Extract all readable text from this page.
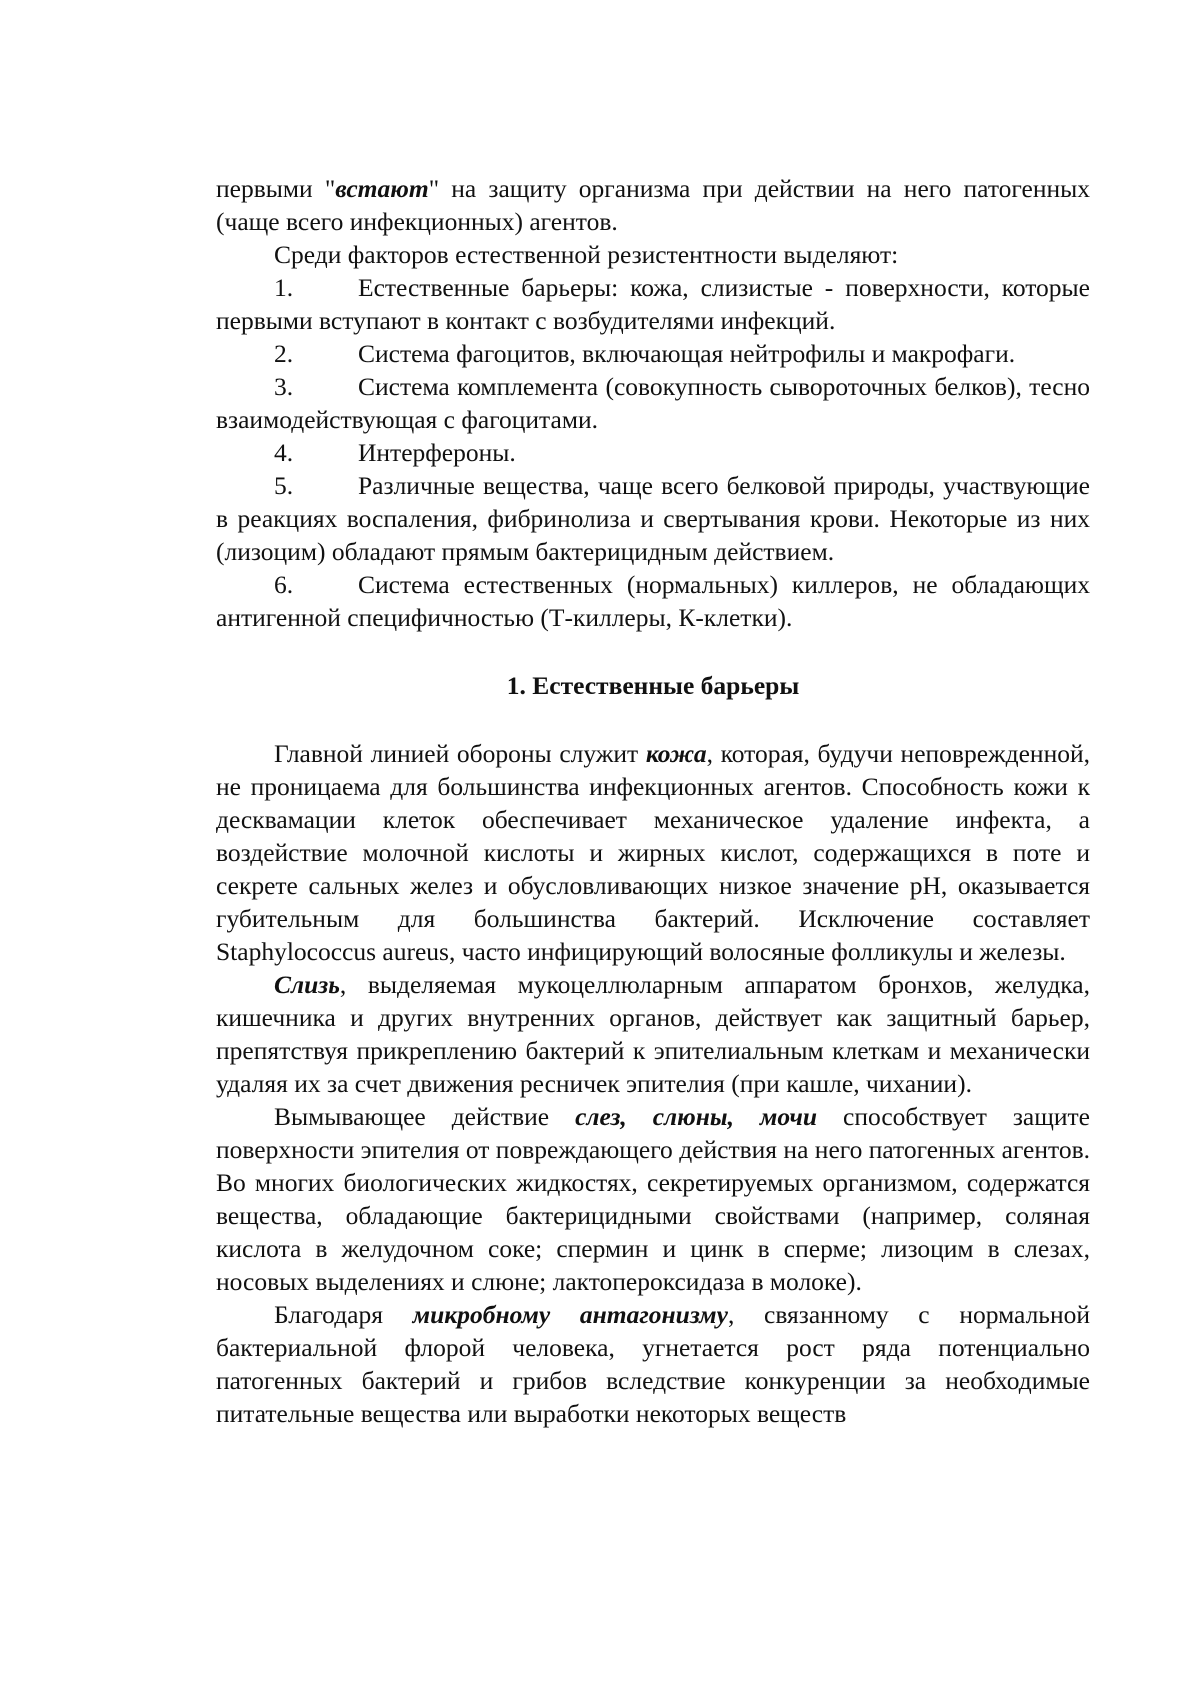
первыми "встают" на защиту организма при действии на него патогенных (чаще всего инфекционных) агентов.

Среди факторов естественной резистентности выделяют:

1.	Естественные барьеры: кожа, слизистые - поверхности, которые первыми вступают в контакт с возбудителями инфекций.

2.	Система фагоцитов, включающая нейтрофилы и макрофаги.

3.	Система комплемента (совокупность сывороточных белков), тесно взаимодействующая с фагоцитами.

4.	Интерфероны.

5.	Различные вещества, чаще всего белковой природы, участвующие в реакциях воспаления, фибринолиза и свертывания крови. Некоторые из них (лизоцим) обладают прямым бактерицидным действием.

6.	Система естественных (нормальных) киллеров, не обладающих антигенной специфичностью (Т-киллеры, К-клетки).

1. Естественные барьеры

Главной линией обороны служит кожа, которая, будучи неповрежденной, не проницаема для большинства инфекционных агентов. Способность кожи к десквамации клеток обеспечивает механическое удаление инфекта, а воздействие молочной кислоты и жирных кислот, содержащихся в поте и секрете сальных желез и обусловливающих низкое значение pH, оказывается губительным для большинства бактерий. Исключение составляет Staphylococcus aureus, часто инфицирующий волосяные фолликулы и железы.

Слизь, выделяемая мукоцеллюларным аппаратом бронхов, желудка, кишечника и других внутренних органов, действует как защитный барьер, препятствуя прикреплению бактерий к эпителиальным клеткам и механически удаляя их за счет движения ресничек эпителия (при кашле, чихании).

Вымывающее действие слез, слюны, мочи способствует защите поверхности эпителия от повреждающего действия на него патогенных агентов. Во многих биологических жидкостях, секретируемых организмом, содержатся вещества, обладающие бактерицидными свойствами (например, соляная кислота в желудочном соке; спермин и цинк в сперме; лизоцим в слезах, носовых выделениях и слюне; лактопероксидаза в молоке).

Благодаря микробному антагонизму, связанному с нормальной бактериальной флорой человека, угнетается рост ряда потенциально патогенных бактерий и грибов вследствие конкуренции за необходимые питательные вещества или выработки некоторых веществ
